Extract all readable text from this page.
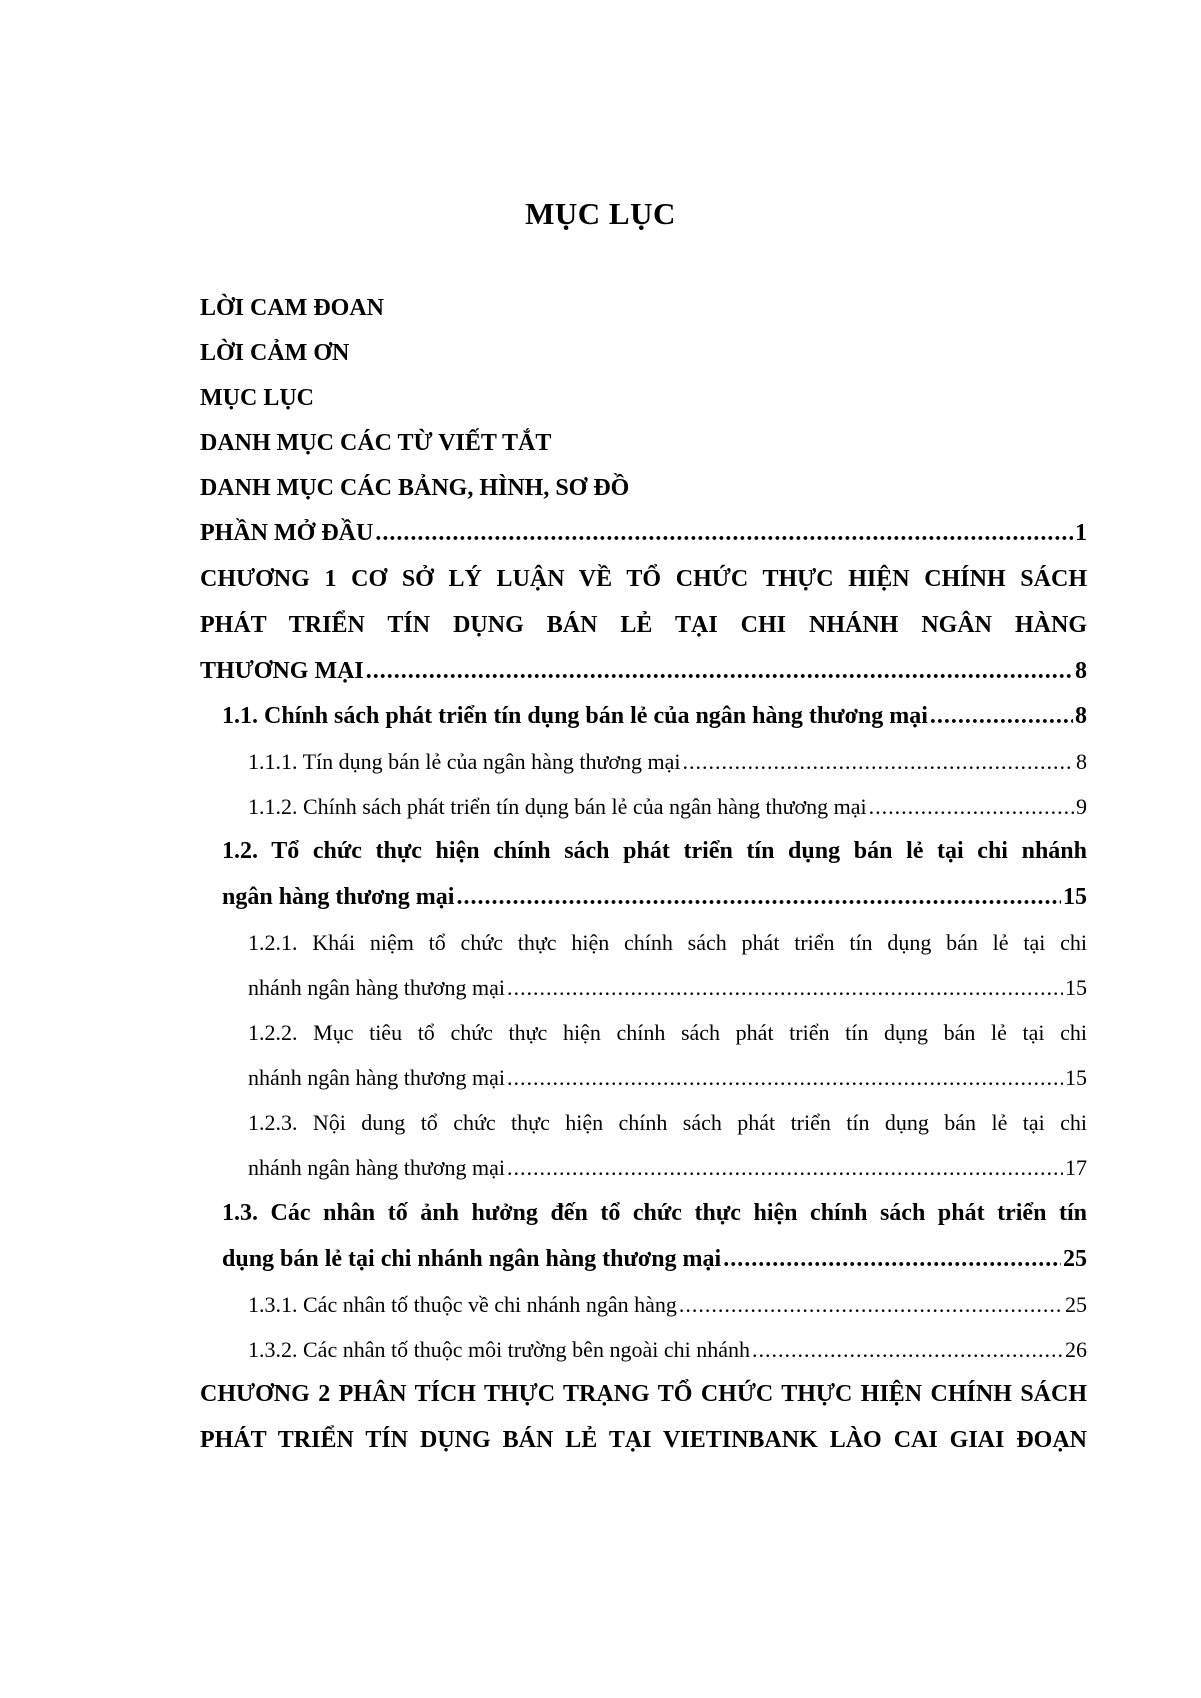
MỤC LỤC
LỜI CAM ĐOAN
LỜI CẢM ƠN
MỤC LỤC
DANH MỤC CÁC TỪ VIẾT TẮT
DANH MỤC CÁC BẢNG, HÌNH, SƠ ĐỒ
PHẦN MỞ ĐẦU .....	1
CHƯƠNG 1 CƠ SỞ LÝ LUẬN VỀ TỔ CHỨC THỰC HIỆN CHÍNH SÁCH
PHÁT TRIỂN TÍN DỤNG BÁN LẺ TẠI CHI NHÁNH NGÂN HÀNG
THƯƠNG MẠI .....	8
1.1. Chính sách phát triển tín dụng bán lẻ của ngân hàng thương mại .....	8
1.1.1. Tín dụng bán lẻ của ngân hàng thương mại .....	8
1.1.2. Chính sách phát triển tín dụng bán lẻ của ngân hàng thương mại .....	9
1.2. Tổ chức thực hiện chính sách phát triển tín dụng bán lẻ tại chi nhánh
ngân hàng thương mại .....	15
1.2.1. Khái niệm tổ chức thực hiện chính sách phát triển tín dụng bán lẻ tại chi
nhánh ngân hàng thương mại .....	15
1.2.2. Mục tiêu tổ chức thực hiện chính sách phát triển tín dụng bán lẻ tại chi
nhánh ngân hàng thương mại .....	15
1.2.3. Nội dung tổ chức thực hiện chính sách phát triển tín dụng bán lẻ tại chi
nhánh ngân hàng thương mại .....	17
1.3. Các nhân tố ảnh hưởng đến tổ chức thực hiện chính sách phát triển tín
dụng bán lẻ tại chi nhánh ngân hàng thương mại .....	25
1.3.1. Các nhân tố thuộc về chi nhánh ngân hàng .....	25
1.3.2. Các nhân tố thuộc môi trường bên ngoài chi nhánh .....	26
CHƯƠNG 2 PHÂN TÍCH THỰC TRẠNG TỔ CHỨC THỰC HIỆN CHÍNH SÁCH
PHÁT TRIỂN TÍN DỤNG BÁN LẺ TẠI VIETINBANK LÀO CAI GIAI ĐOẠN
